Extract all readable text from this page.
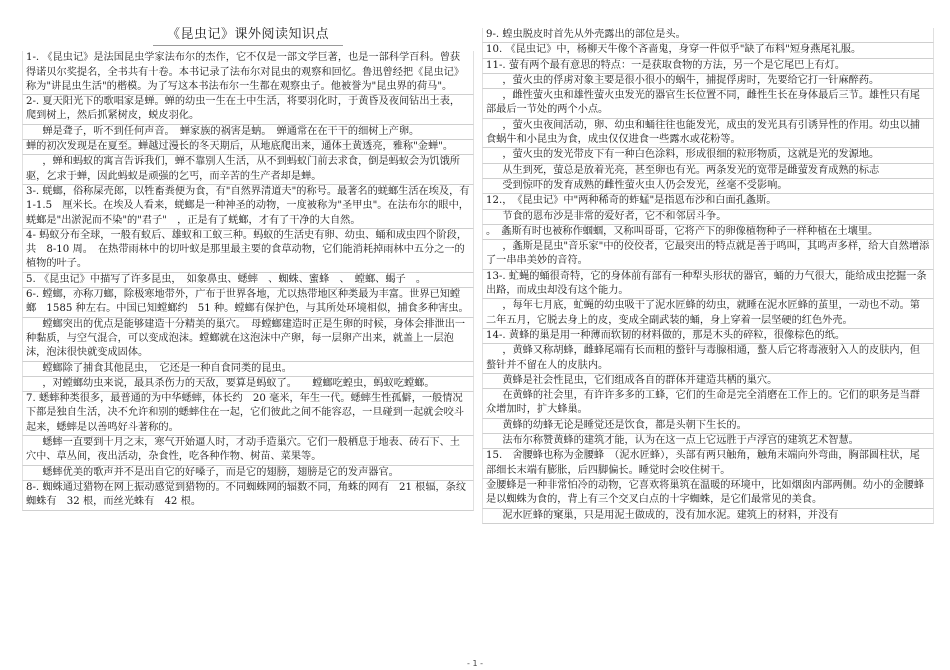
《昆虫记》课外阅读知识点

1-. 《昆虫记》是法国昆虫学家法布尔的杰作，它不仅是一部文学巨著，也是一部科学百科。曾获得诺贝尔奖提名，全书共有十卷。本书记录了法布尔对昆虫的观察和回忆。鲁迅曾经把《昆虫记》称为"讲昆虫生活"的楷模。为了写这本书法布尔一生都在观察虫子。他被誉为"昆虫界的荷马"。

2-. 夏天阳光下的歌唱家是蝉。蝉的幼虫一生在土中生活，将要羽化时，于黄昏及夜间钻出土表，爬到树上，然后抓紧树皮，蜕皮羽化。

蝉是聋子，听不到任何声音。　蝉家族的祸害是蚋。　蝉通常在在干干的细树上产卵。

蝉的初次发现是在夏至。蝉越过漫长的冬天期后，从地底爬出来，通体土黄透亮，雅称"金蝉"。

，蝉和蚂蚁的寓言告诉我们，蝉不靠别人生活，从不到蚂蚁门前去求食，倒是蚂蚁会为饥饿所驱，乞求于蝉，因此蚂蚁是顽强的乞丐，而辛苦的生产者却是蝉。

3-. 蜣螂，俗称屎壳郎，以牲畜粪便为食，有"自然界清道夫"的称号。最著名的蜣螂生活在埃及，有　1-1.5　厘米长。在埃及人看来，蜣螂是一种神圣的动物，一度被称为"圣甲虫"。在法布尔的眼中，蜣螂是"出淤泥而不染"的"君子"　，正是有了蜣螂，才有了干净的大自然。

4- 蚂蚁分布全球，一般有蚁后、雄蚁和工蚁三种。蚂蚁的生活史有卵、幼虫、蛹和成虫四个阶段，共　8-10 周。　在热带雨林中的切叶蚁是那里最主要的食草动物，它们能消耗掉雨林中五分之一的植物的叶子。

5. 《昆虫记》中描写了许多昆虫，　如象鼻虫、蟋蟀　、蜘蛛、蜜蜂　、　螳螂、蝎子　。

6-. 螳螂，亦称刀螂，除极寒地带外，广布于世界各地，尤以热带地区种类最为丰富。世界已知螳螂　1585 种左右。中国已知螳螂约　51 种。螳螂有保护色，与其所处环境相似，捕食多种害虫。

螳螂突出的优点是能够建造十分精美的巢穴。　母螳螂建造时正是生卵的时候，身体会排泄出一种黏质，与空气混合，可以变成泡沫。螳螂就在这泡沫中产卵，每一层卵产出来，就盖上一层泡沫，泡沫很快就变成固体。

螳螂除了捕食其他昆虫，　它还是一种自食同类的昆虫。

，对螳螂幼虫来说，最具杀伤力的天敌，要算是蚂蚁了。　　螳螂吃蝗虫，蚂蚁吃螳螂。

7. 蟋蟀种类很多，最普通的为中华蟋蟀，体长约　20 毫米，年生一代。蟋蟀生性孤僻，一般情况下都是独自生活，决不允许和别的蟋蟀住在一起，它们彼此之间不能容忍，一旦碰到一起就会咬斗起来，蟋蟀是以善鸣好斗著称的。

蟋蟀一直要到十月之末，寒气开始逼人时，才动手造巢穴。它们一般栖息于地表、砖石下、土穴中、草丛间，夜出活动，杂食性，吃各种作物、树苗、菜果等。

蟋蟀优美的歌声并不是出自它的好嗓子，而是它的翅膀，翅膀是它的发声器官。

8-. 蜘蛛通过猎物在网上振动感觉到猎物的。不同蜘蛛网的辐数不同，角蛛的网有　21 根辐，条纹蜘蛛有　32 根，而丝光蛛有　42 根。

9-. 蝗虫脱皮时首先从外壳露出的部位是头。

10. 《昆虫记》中，杨柳天牛像个吝啬鬼，身穿一件似乎"缺了布料"短身燕尾礼服。

11-. 萤有两个最有意思的特点：一是获取食物的方法，另一个是它尾巴上有灯。

，萤火虫的俘虏对象主要是很小很小的蜗牛，捕捉俘虏时，先要给它打一针麻醉药。

，雌性萤火虫和雄性萤火虫发光的器官生长位置不同，雌性生长在身体最后三节。雄性只有尾部最后一节处的两个小点。

，萤火虫夜间活动，卵、幼虫和蛹往往也能发光，成虫的发光具有引诱异性的作用。幼虫以捕食蜗牛和小昆虫为食，成虫仅仅进食一些露水或花粉等。

，萤火虫的发光带皮下有一种白色涂料，形成很细的粒形物质，这就是光的发源地。

从生到死，萤总是放着光亮，甚至卵也有光。两条发光的宽带是雌萤发育成熟的标志

受到惊吓的发育成熟的雌性萤火虫人仍会发光，丝毫不受影响。

12.，　《昆虫记》中"两种稀奇的蚱蜢"是指恩布沙和白面孔螽斯。

节食的恩布沙是非常的爱好者，它不和邻居斗争。

。　螽斯有时也被称作蝈蝈，又称叫哥哥，它将产下的卵像植物种子一样种植在土壤里。

，螽斯是昆虫"音乐家"中的佼佼者，它最突出的特点就是善于鸣叫，其鸣声多样，给大自然增添了一串串美妙的音符。

13-. 虻蝇的蛹很奇特，它的身体前有部有一种犁头形状的器官，蛹的力气很大，能给成虫挖掘一条出路，而成虫却没有这个能力。

，每年七月底，虻蝇的幼虫吸干了泥水匠蜂的幼虫，就睡在泥水匠蜂的茧里，一动也不动。第二年五月，它脱去身上的皮，变成全副武装的蛹，身上穿着一层坚硬的红色外壳。

14-. 黄蜂的巢是用一种薄而软韧的材料做的，那是木头的碎粒，很像棕色的纸。

，黄蜂又称胡蜂，雌蜂尾端有长而粗的螯针与毒腺相通，螯人后它将毒液射入人的皮肤内，但螯针并不留在人的皮肤内。

黄蜂是社会性昆虫，它们组成各自的群体并建造共栖的巢穴。

在黄蜂的社会里，有许许多多的工蜂，它们的生命是完全消磨在工作上的。它们的职务是当群众增加时，扩大蜂巢。

黄蜂的幼蜂无论是睡觉还是饮食，都是头朝下生长的。

法布尔称赞黄蜂的建筑才能，认为在这一点上它远胜于卢浮宫的建筑艺术智慧。

15.　舍腰蜂也称为金腰蜂　（泥水匠蜂），头部有两只触角，触角末端向外弯曲，胸部圆柱状，尾部细长末端有膨胀，后四脚偏长。睡觉时会咬住树干。

金腰蜂是一种非常怕冷的动物，它喜欢将巢筑在温暖的环境中，比如烟囱内部两侧。幼小的金腰蜂是以蜘蛛为食的，背上有三个交叉白点的十字蜘蛛，是它们最常见的美食。

泥水匠蜂的窠巢，只是用泥土做成的，没有加水泥。建筑上的材料，并没有

- 1 -
